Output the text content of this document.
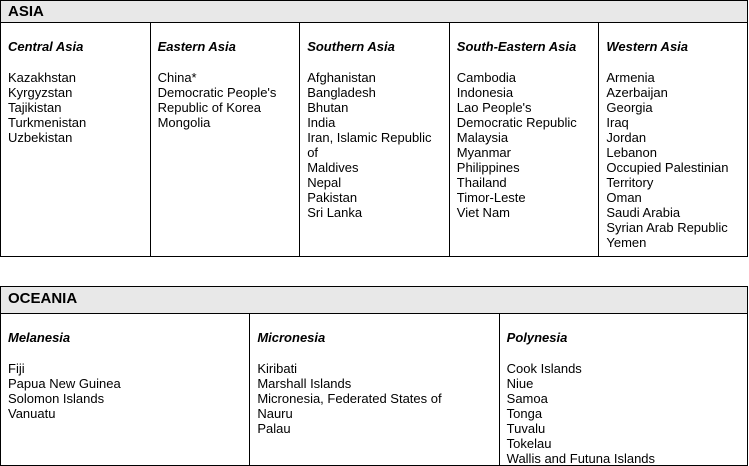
ASIA
Central Asia
Kazakhstan
Kyrgyzstan
Tajikistan
Turkmenistan
Uzbekistan
Eastern Asia
China*
Democratic People's
Republic of Korea
Mongolia
Southern Asia
Afghanistan
Bangladesh
Bhutan
India
Iran, Islamic Republic
of
Maldives
Nepal
Pakistan
Sri Lanka
South-Eastern Asia
Cambodia
Indonesia
Lao People's
Democratic Republic
Malaysia
Myanmar
Philippines
Thailand
Timor-Leste
Viet Nam
Western Asia
Armenia
Azerbaijan
Georgia
Iraq
Jordan
Lebanon
Occupied Palestinian
Territory
Oman
Saudi Arabia
Syrian Arab Republic
Yemen
OCEANIA
Melanesia
Fiji
Papua New Guinea
Solomon Islands
Vanuatu
Micronesia
Kiribati
Marshall Islands
Micronesia, Federated States of
Nauru
Palau
Polynesia
Cook Islands
Niue
Samoa
Tonga
Tuvalu
Tokelau
Wallis and Futuna Islands
